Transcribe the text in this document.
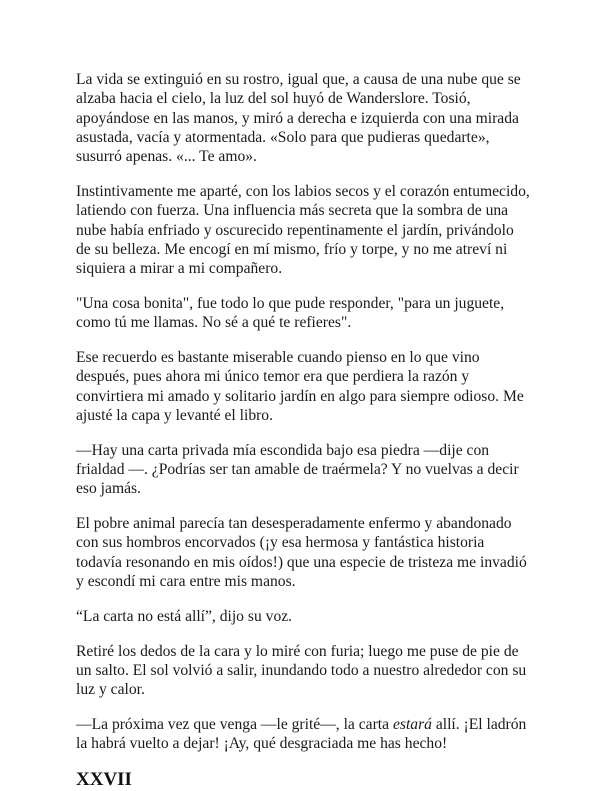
La vida se extinguió en su rostro, igual que, a causa de una nube que se alzaba hacia el cielo, la luz del sol huyó de Wanderslore. Tosió, apoyándose en las manos, y miró a derecha e izquierda con una mirada asustada, vacía y atormentada. «Solo para que pudieras quedarte», susurró apenas. «... Te amo».

Instintivamente me aparté, con los labios secos y el corazón entumecido, latiendo con fuerza. Una influencia más secreta que la sombra de una nube había enfriado y oscurecido repentinamente el jardín, privándolo de su belleza. Me encogí en mí mismo, frío y torpe, y no me atreví ni siquiera a mirar a mi compañero.

"Una cosa bonita", fue todo lo que pude responder, "para un juguete, como tú me llamas. No sé a qué te refieres".

Ese recuerdo es bastante miserable cuando pienso en lo que vino después, pues ahora mi único temor era que perdiera la razón y convirtiera mi amado y solitario jardín en algo para siempre odioso. Me ajusté la capa y levanté el libro.

—Hay una carta privada mía escondida bajo esa piedra —dije con frialdad —. ¿Podrías ser tan amable de traérmela? Y no vuelvas a decir eso jamás.

El pobre animal parecía tan desesperadamente enfermo y abandonado con sus hombros encorvados (¡y esa hermosa y fantástica historia todavía resonando en mis oídos!) que una especie de tristeza me invadió y escondí mi cara entre mis manos.

“La carta no está allí”, dijo su voz.

Retiré los dedos de la cara y lo miré con furia; luego me puse de pie de un salto. El sol volvió a salir, inundando todo a nuestro alrededor con su luz y calor.

—La próxima vez que venga —le grité—, la carta estará allí. ¡El ladrón la habrá vuelto a dejar! ¡Ay, qué desgraciada me has hecho!

XXVII
